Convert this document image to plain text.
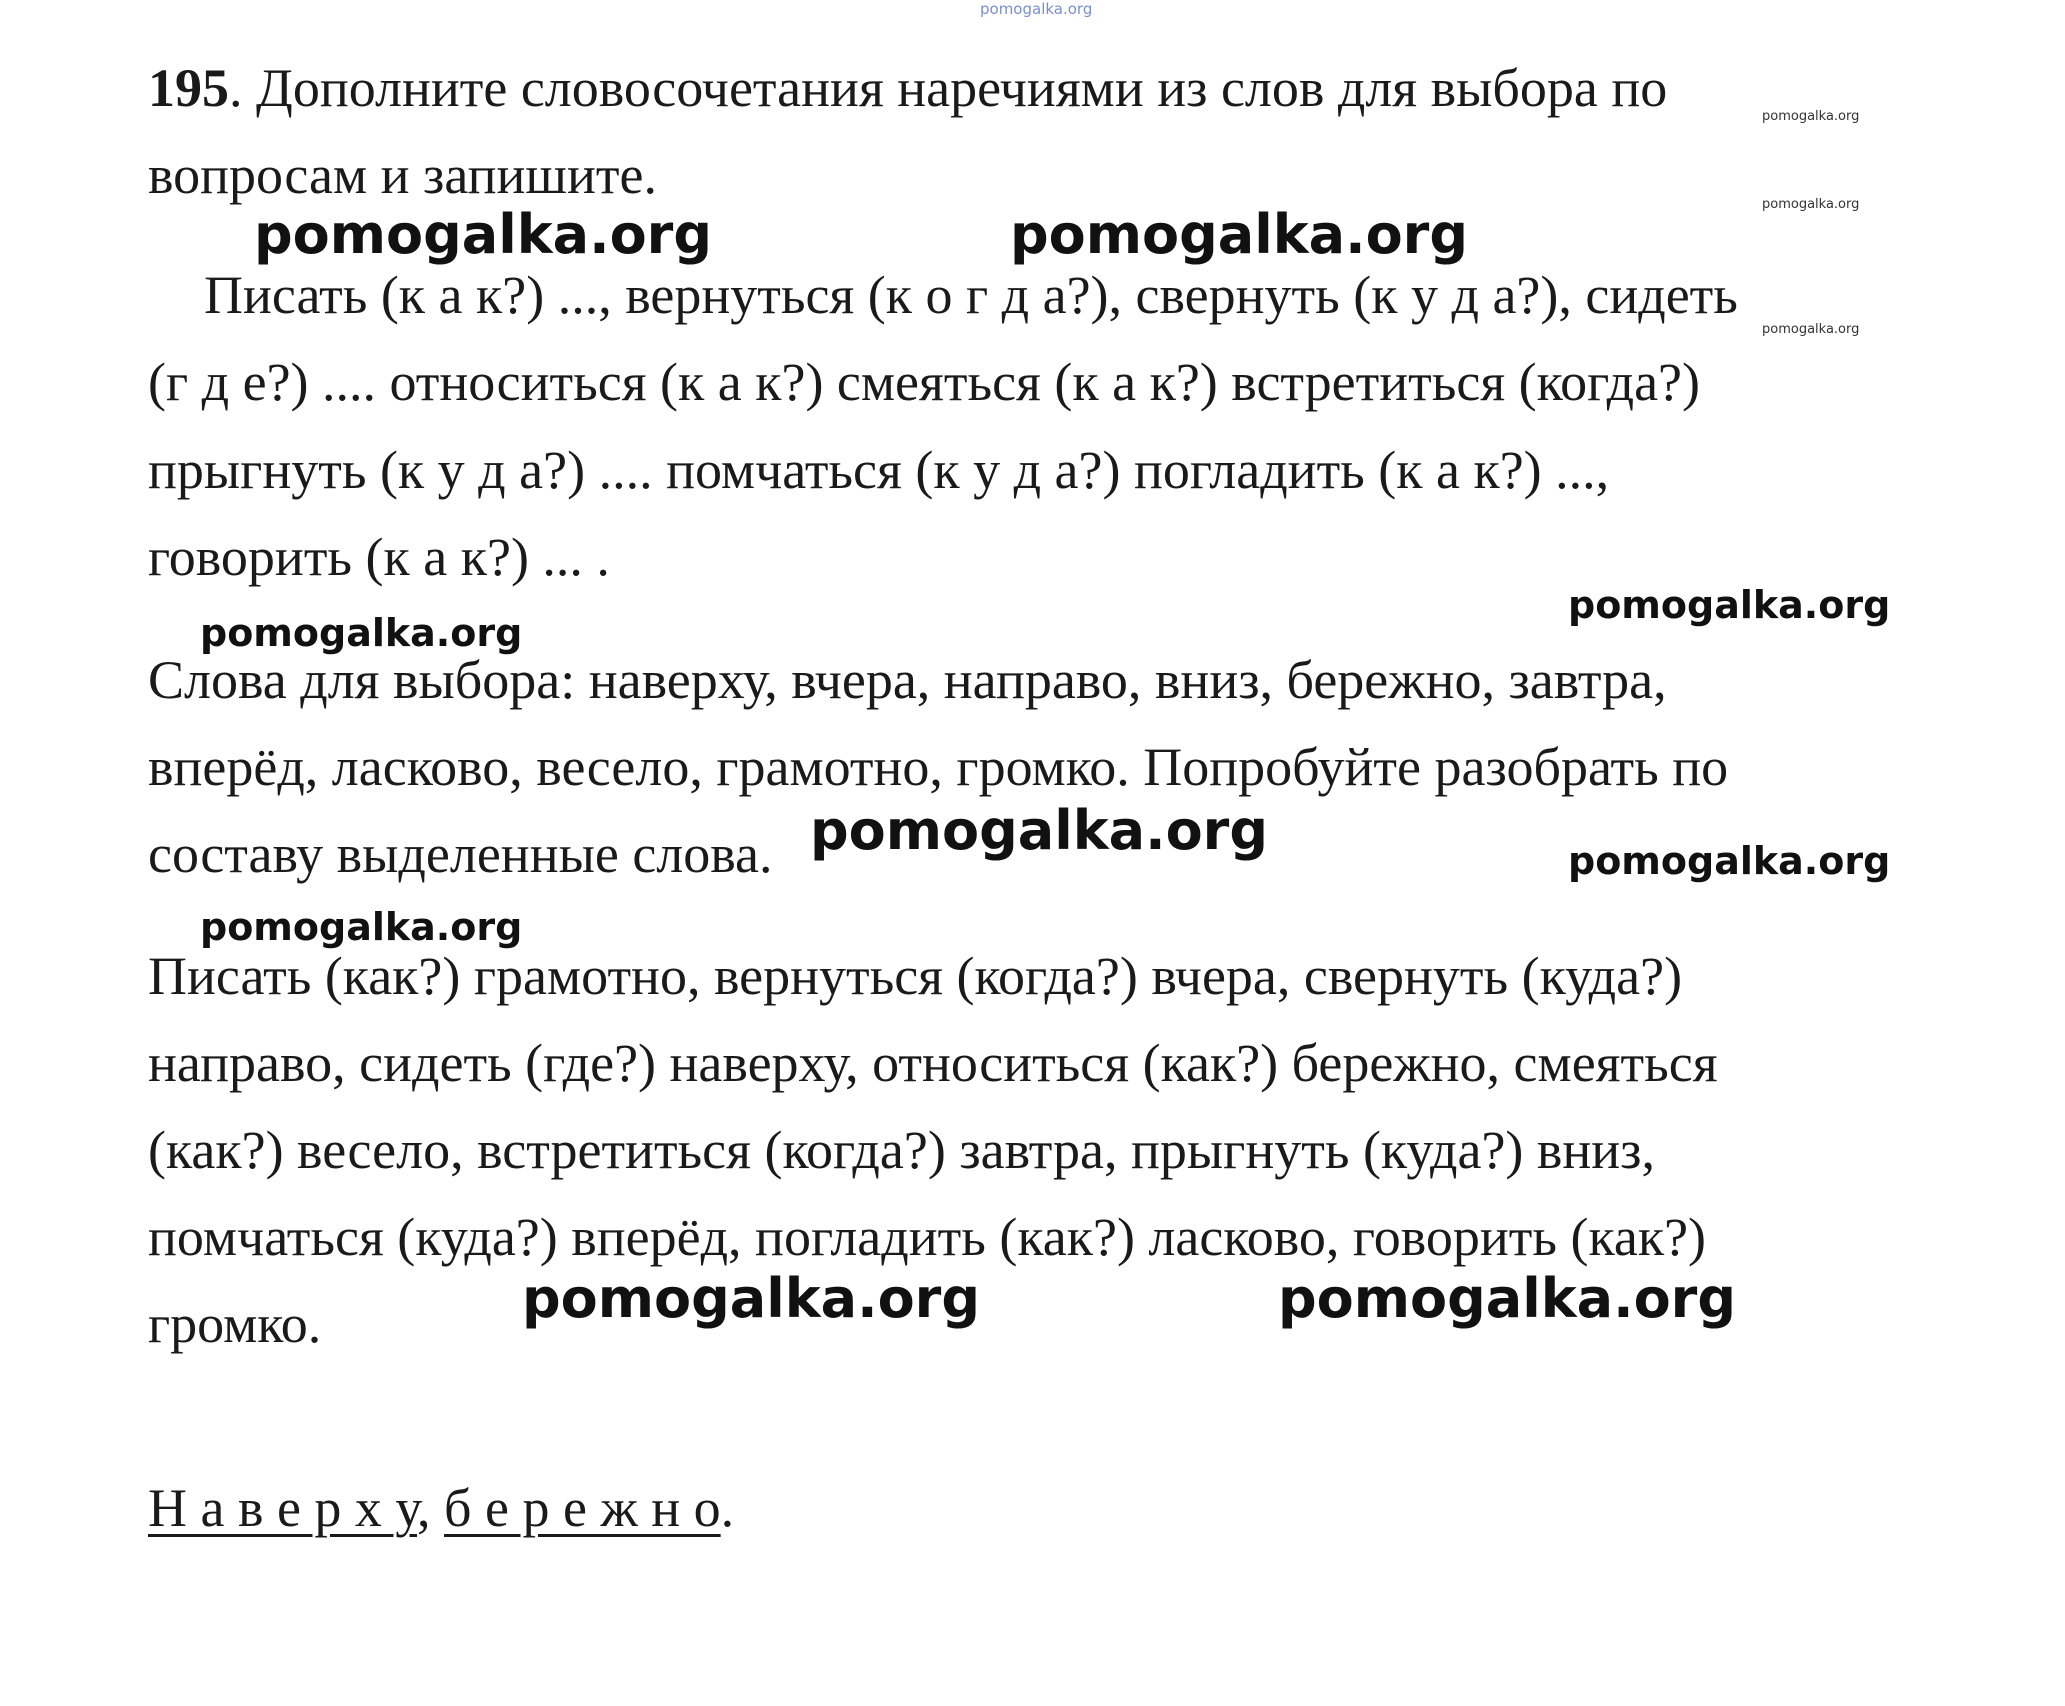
pomogalka.org
195. Дополните словосочетания наречиями из слов для выбора по
вопросам и запишите.
Писать (к а к?) ..., вернуться (к о г д а?), свернуть (к у д а?), сидеть
(г д е?) .... относиться (к а к?) смеяться (к а к?) встретиться (когда?)
прыгнуть (к у д а?) .... помчаться (к у д а?) погладить (к а к?) ...,
говорить (к а к?) ... .
Слова для выбора: наверху, вчера, направо, вниз, бережно, завтра,
вперёд, ласково, весело, грамотно, громко. Попробуйте разобрать по
составу выделенные слова.
Писать (как?) грамотно, вернуться (когда?) вчера, свернуть (куда?)
направо, сидеть (где?) наверху, относиться (как?) бережно, смеяться
(как?) весело, встретиться (когда?) завтра, прыгнуть (куда?) вниз,
помчаться (куда?) вперёд, погладить (как?) ласково, говорить (как?)
громко.
Н а в е р х у, б е р е ж н о.
pomogalka.org
pomogalka.org
pomogalka.org
pomogalka.org	pomogalka.org
pomogalka.org
pomogalka.org
pomogalka.org	pomogalka.org
pomogalka.org
pomogalka.org	pomogalka.org
